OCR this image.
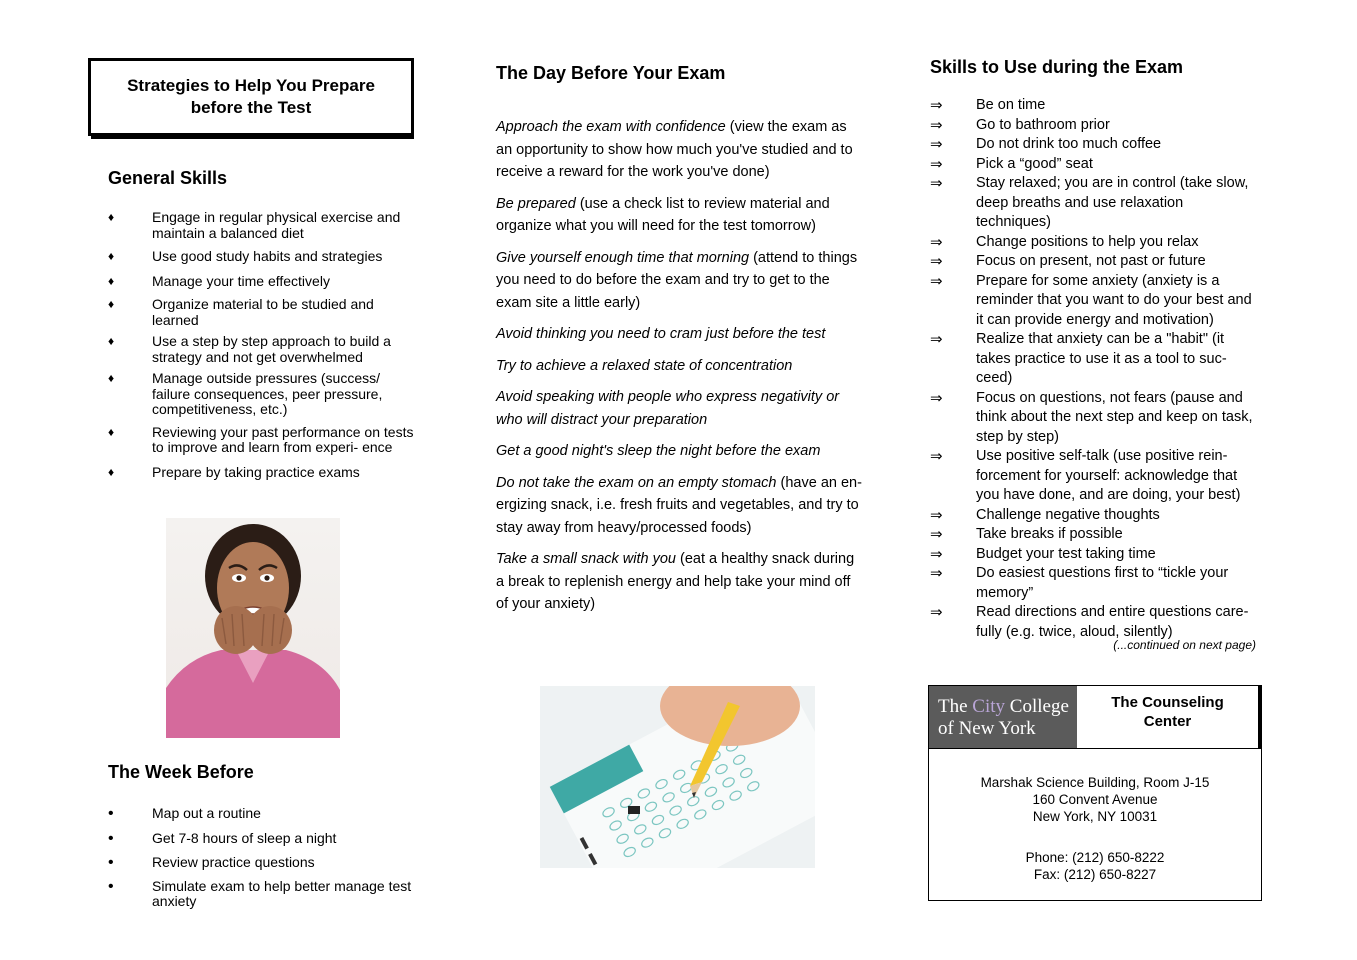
Strategies to Help You Prepare
before the Test
General Skills
♦	Engage in regular physical exercise and maintain a balanced diet
♦	Use good study habits and strategies
♦	Manage your time effectively
♦	Organize material to be studied and learned
♦	Use a step by step approach to build a strategy and not get overwhelmed
♦	Manage outside pressures (success/ failure consequences, peer pressure, competitiveness, etc.)
♦	Reviewing your past performance on tests to improve and learn from experi- ence
♦	Prepare by taking practice exams
The Week Before
•	Map out a routine
•	Get 7-8 hours of sleep a night
•	Review practice questions
•	Simulate exam to help better manage test anxiety
The Day Before Your Exam
Approach the exam with confidence (view the exam as an opportunity to show how much you've studied and to receive a reward for the work you've done)
Be prepared (use a check list to review material and organize what you will need for the test tomorrow)
Give yourself enough time that morning (attend to things you need to do before the exam and try to get to the exam site a little early)
Avoid thinking you need to cram just before the test
Try to achieve a relaxed state of concentration
Avoid speaking with people who express negativity or who will distract your preparation
Get a good night's sleep the night before the exam
Do not take the exam on an empty stomach (have an en- ergizing snack, i.e. fresh fruits and vegetables, and try to stay away from heavy/processed foods)
Take a small snack with you (eat a healthy snack during a break to replenish energy and help take your mind off of your anxiety)
Skills to Use during the Exam
⇒ Be on time
⇒ Go to bathroom prior
⇒ Do not drink too much coffee
⇒ Pick a “good” seat
⇒ Stay relaxed; you are in control (take slow, deep breaths and use relaxation techniques)
⇒ Change positions to help you relax
⇒ Focus on present, not past or future
⇒ Prepare for some anxiety (anxiety is a reminder that you want to do your best and it can provide energy and motivation)
⇒ Realize that anxiety can be a "habit" (it takes practice to use it as a tool to suc- ceed)
⇒ Focus on questions, not fears (pause and think about the next step and keep on task, step by step)
⇒ Use positive self-talk (use positive rein- forcement for yourself: acknowledge that you have done, and are doing, your best)
⇒ Challenge negative thoughts
⇒ Take breaks if possible
⇒ Budget your test taking time
⇒ Do easiest questions first to “tickle your memory”
⇒ Read directions and entire questions care- fully (e.g. twice, aloud, silently)
(...continued on next page)
The City College
of New York
The Counseling
Center
Marshak Science Building, Room J-15
160 Convent Avenue
New York, NY 10031
Phone: (212) 650-8222
Fax: (212) 650-8227
